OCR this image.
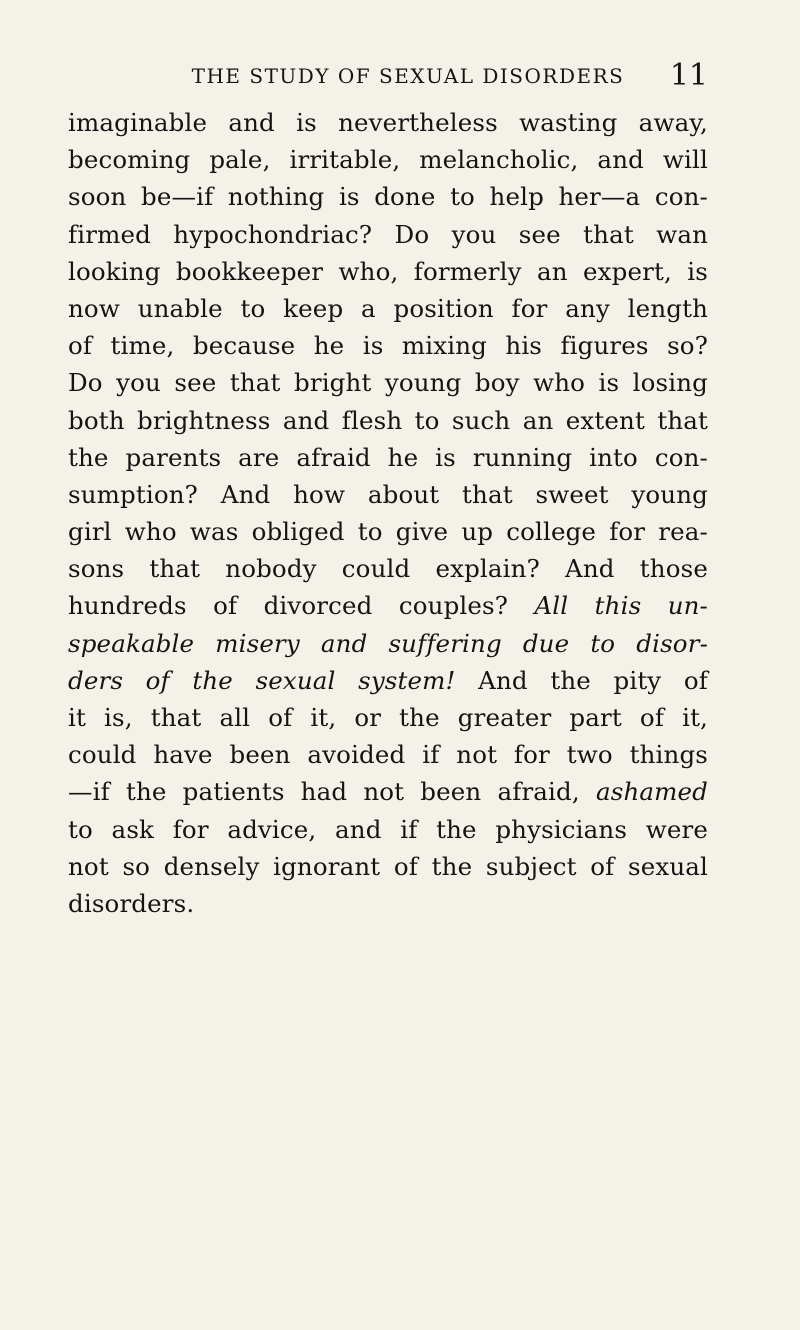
THE STUDY OF SEXUAL DISORDERS	11
imaginable and is nevertheless wasting away,
becoming pale, irritable, melancholic, and will
soon be—if nothing is done to help her—a con-
firmed hypochondriac? Do you see that wan
looking bookkeeper who, formerly an expert, is
now unable to keep a position for any length
of time, because he is mixing his figures so?
Do you see that bright young boy who is losing
both brightness and flesh to such an extent that
the parents are afraid he is running into con-
sumption? And how about that sweet young
girl who was obliged to give up college for rea-
sons that nobody could explain? And those
hundreds of divorced couples? All this un-
speakable misery and suffering due to disor-
ders of the sexual system! And the pity of
it is, that all of it, or the greater part of it,
could have been avoided if not for two things
—if the patients had not been afraid, ashamed
to ask for advice, and if the physicians were
not so densely ignorant of the subject of sexual
disorders.
